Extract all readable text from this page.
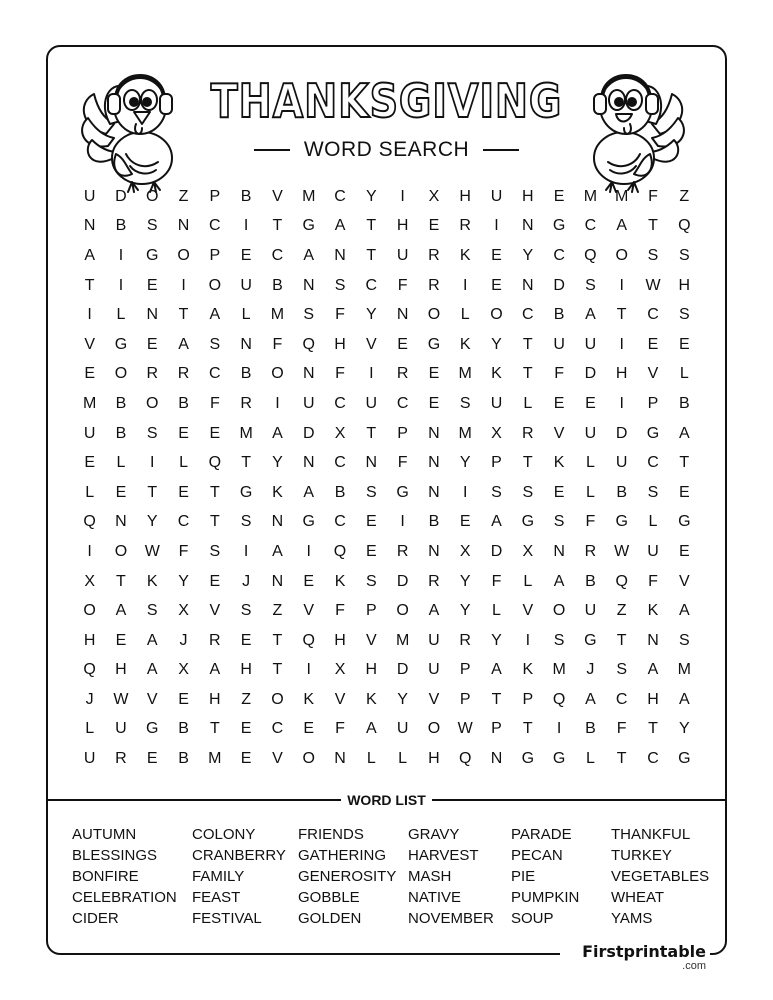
THANKSGIVING
WORD SEARCH
U	D	O	Z	P	B	V	M	C	Y	I	X	H	U	H	E	M	M	F	Z
N	B	S	N	C	I	T	G	A	T	H	E	R	I	N	G	C	A	T	Q
A	I	G	O	P	E	C	A	N	T	U	R	K	E	Y	C	Q	O	S	S
T	I	E	I	O	U	B	N	S	C	F	R	I	E	N	D	S	I	W	H
I	L	N	T	A	L	M	S	F	Y	N	O	L	O	C	B	A	T	C	S
V	G	E	A	S	N	F	Q	H	V	E	G	K	Y	T	U	U	I	E	E
E	O	R	R	C	B	O	N	F	I	R	E	M	K	T	F	D	H	V	L
M	B	O	B	F	R	I	U	C	U	C	E	S	U	L	E	E	I	P	B
U	B	S	E	E	M	A	D	X	T	P	N	M	X	R	V	U	D	G	A
E	L	I	L	Q	T	Y	N	C	N	F	N	Y	P	T	K	L	U	C	T
L	E	T	E	T	G	K	A	B	S	G	N	I	S	S	E	L	B	S	E
Q	N	Y	C	T	S	N	G	C	E	I	B	E	A	G	S	F	G	L	G
I	O	W	F	S	I	A	I	Q	E	R	N	X	D	X	N	R	W	U	E
X	T	K	Y	E	J	N	E	K	S	D	R	Y	F	L	A	B	Q	F	V
O	A	S	X	V	S	Z	V	F	P	O	A	Y	L	V	O	U	Z	K	A
H	E	A	J	R	E	T	Q	H	V	M	U	R	Y	I	S	G	T	N	S
Q	H	A	X	A	H	T	I	X	H	D	U	P	A	K	M	J	S	A	M
J	W	V	E	H	Z	O	K	V	K	Y	V	P	T	P	Q	A	C	H	A
L	U	G	B	T	E	C	E	F	A	U	O	W	P	T	I	B	F	T	Y
U	R	E	B	M	E	V	O	N	L	L	H	Q	N	G	G	L	T	C	G
WORD LIST
AUTUMN
BLESSINGS
BONFIRE
CELEBRATION
CIDER
COLONY
CRANBERRY
FAMILY
FEAST
FESTIVAL
FRIENDS
GATHERING
GENEROSITY
GOBBLE
GOLDEN
GRAVY
HARVEST
MASH
NATIVE
NOVEMBER
PARADE
PECAN
PIE
PUMPKIN
SOUP
THANKFUL
TURKEY
VEGETABLES
WHEAT
YAMS
Firstprintable
.com
